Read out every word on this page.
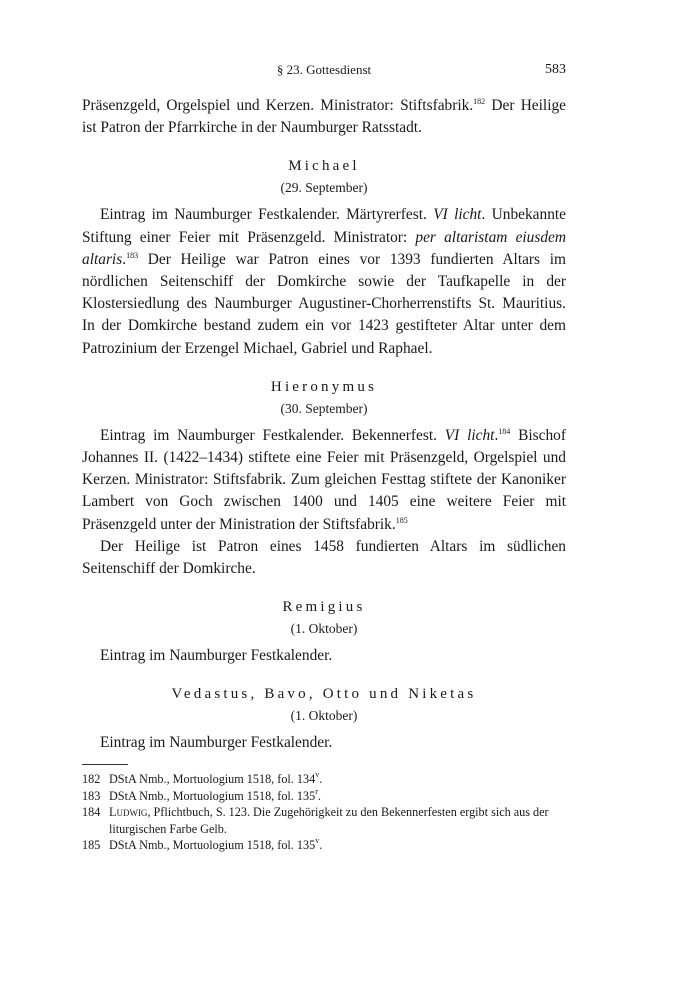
§ 23. Gottesdienst	583

Präsenzgeld, Orgelspiel und Kerzen. Ministrator: Stiftsfabrik.$^{182}$ Der Heilige ist Patron der Pfarrkirche in der Naumburger Ratsstadt.

Michael
(29. September)

Eintrag im Naumburger Festkalender. Märtyrerfest. VI licht. Unbekannte Stiftung einer Feier mit Präsenzgeld. Ministrator: per altaristam eiusdem altaris.$^{183}$ Der Heilige war Patron eines vor 1393 fundierten Altars im nördlichen Seitenschiff der Domkirche sowie der Taufkapelle in der Klostersiedlung des Naumburger Augustiner-Chorherrenstifts St. Mauritius. In der Domkirche bestand zudem ein vor 1423 gestifteter Altar unter dem Patrozinium der Erzengel Michael, Gabriel und Raphael.

Hieronymus
(30. September)

Eintrag im Naumburger Festkalender. Bekennerfest. VI licht.$^{184}$ Bischof Johannes II. (1422–1434) stiftete eine Feier mit Präsenzgeld, Orgelspiel und Kerzen. Ministrator: Stiftsfabrik. Zum gleichen Festtag stiftete der Kanoniker Lambert von Goch zwischen 1400 und 1405 eine weitere Feier mit Präsenzgeld unter der Ministration der Stiftsfabrik.$^{185}$

Der Heilige ist Patron eines 1458 fundierten Altars im südlichen Seitenschiff der Domkirche.

Remigius
(1. Oktober)

Eintrag im Naumburger Festkalender.

Vedastus, Bavo, Otto und Niketas
(1. Oktober)

Eintrag im Naumburger Festkalender.

182 DStA Nmb., Mortuologium 1518, fol. 134$^v$.
183 DStA Nmb., Mortuologium 1518, fol. 135$^r$.
184 Ludwig, Pflichtbuch, S. 123. Die Zugehörigkeit zu den Bekennerfesten ergibt sich aus der liturgischen Farbe Gelb.
185 DStA Nmb., Mortuologium 1518, fol. 135$^v$.
